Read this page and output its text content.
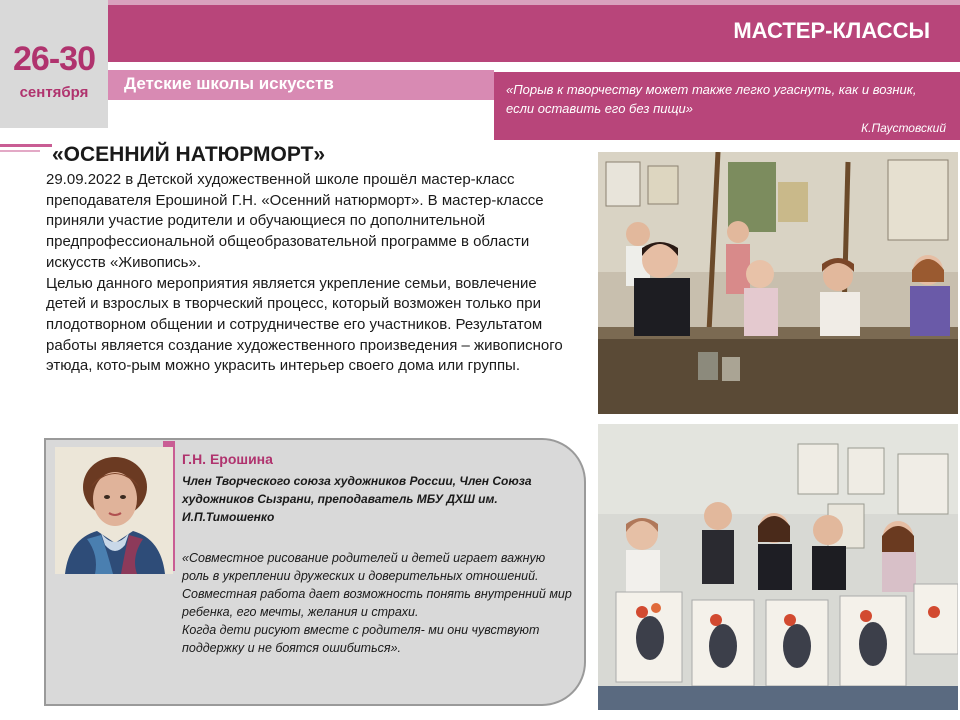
26-30
сентября
МАСТЕР-КЛАССЫ
Детские школы искусств	«Порыв к творчеству может также легко угаснуть, как и возник, если оставить его без пищи»
К.Паустовский
«ОСЕННИЙ НАТЮРМОРТ»

29.09.2022 в Детской художественной школе прошёл мастер-класс преподавателя Ерошиной Г.Н. «Осенний натюрморт». В мастер-классе приняли участие родители и обучающиеся по дополнительной предпрофессиональной общеобразовательной программе в области искусств «Живопись».

Целью данного мероприятия является укрепление семьи, вовлечение детей и взрослых в творческий процесс, который возможен только при плодотворном общении и сотрудничестве его участников. Результатом работы является создание художественного произведения – живописного этюда, кото-рым можно украсить интерьер своего дома или группы.

Г.Н. Ерошина
Член Творческого союза художников России, Член Союза художников Сызрани, преподаватель МБУ ДХШ им. И.П.Тимошенко

«Совместное рисование родителей и детей играет важную роль в укреплении дружеских и доверительных отношений. Совместная работа дает возможность понять внутренний мир ребенка, его мечты, желания и страхи.

Когда дети рисуют вместе с родителя- ми они чувствуют поддержку и не боятся ошибиться».
